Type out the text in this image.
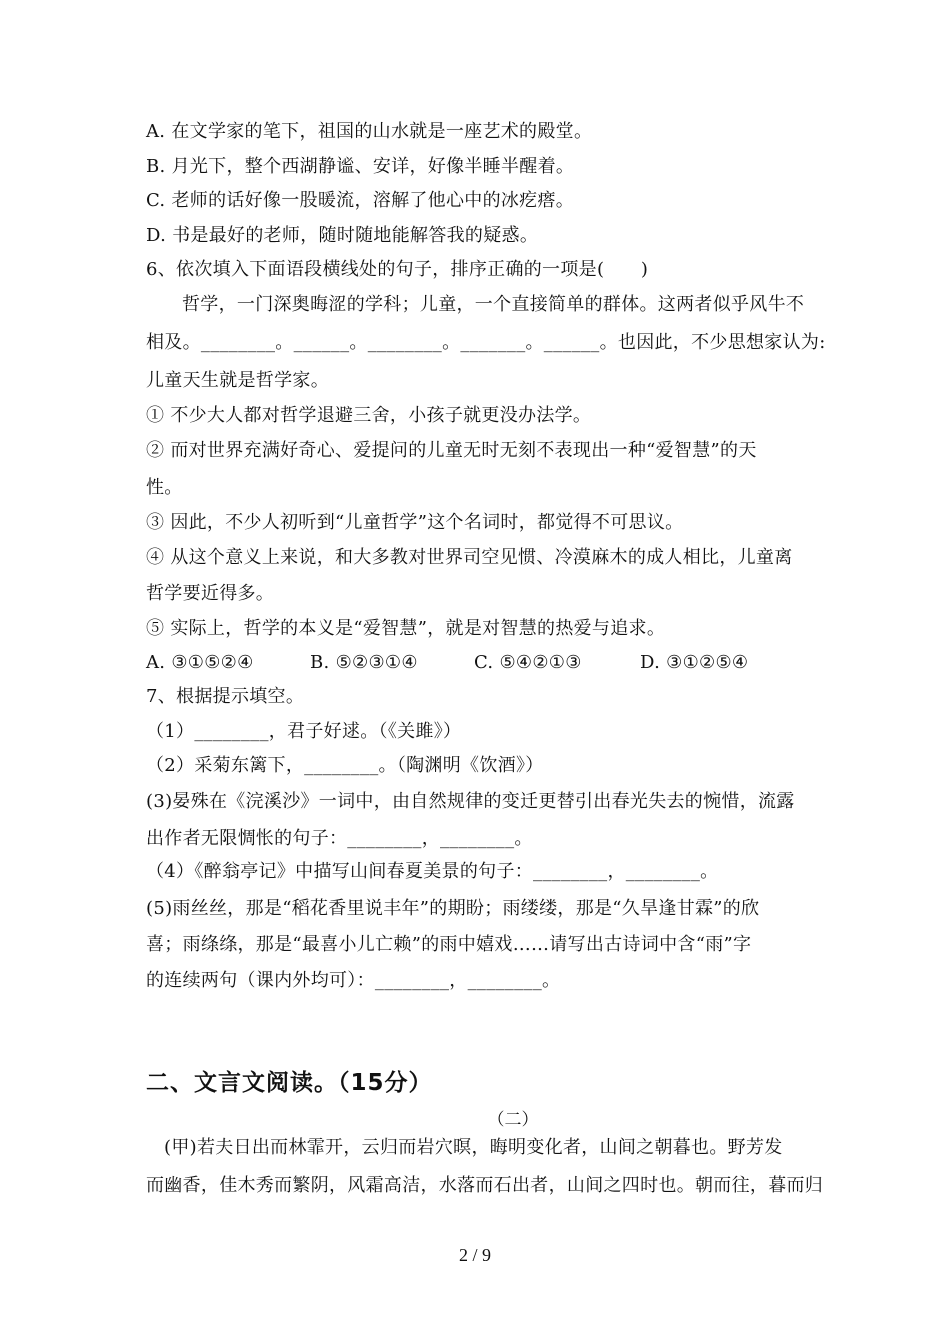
A. 在文学家的笔下，祖国的山水就是一座艺术的殿堂。
B. 月光下，整个西湖静谧、安详，好像半睡半醒着。
C. 老师的话好像一股暖流，溶解了他心中的冰疙瘩。
D. 书是最好的老师，随时随地能解答我的疑惑。
6、依次填入下面语段横线处的句子，排序正确的一项是(　　)
哲学，一门深奥晦涩的学科；儿童，一个直接简单的群体。这两者似乎风牛不
相及。________。______。________。_______。______。也因此，不少思想家认为:
儿童天生就是哲学家。
① 不少大人都对哲学退避三舍，小孩子就更没办法学。
② 而对世界充满好奇心、爱提问的儿童无时无刻不表现出一种“爱智慧”的天
性。
③ 因此，不少人初听到“儿童哲学”这个名词时，都觉得不可思议。
④ 从这个意义上来说，和大多教对世界司空见惯、冷漠麻木的成人相比，儿童离
哲学要近得多。
⑤ 实际上，哲学的本义是“爱智慧”，就是对智慧的热爱与追求。
A. ③①⑤②④	B. ⑤②③①④	C. ⑤④②①③	D. ③①②⑤④
7、根据提示填空。
（1）________，君子好逑。（《关雎》）
（2）采菊东篱下，________。（陶渊明《饮酒》）
(3)晏殊在《浣溪沙》一词中，由自然规律的变迁更替引出春光失去的惋惜，流露
出作者无限惆怅的句子：________，________。
（4）《醉翁亭记》中描写山间春夏美景的句子：________，________。
(5)雨丝丝，那是“稻花香里说丰年”的期盼；雨缕缕，那是“久旱逢甘霖”的欣
喜；雨绦绦，那是“最喜小儿亡赖”的雨中嬉戏……请写出古诗词中含“雨”字
的连续两句（课内外均可）：________，________。
二、文言文阅读。（15分）
（二）
(甲)若夫日出而林霏开，云归而岩穴暝，晦明变化者，山间之朝暮也。野芳发
而幽香，佳木秀而繁阴，风霜高洁，水落而石出者，山间之四时也。朝而往，暮而归
2 / 9
